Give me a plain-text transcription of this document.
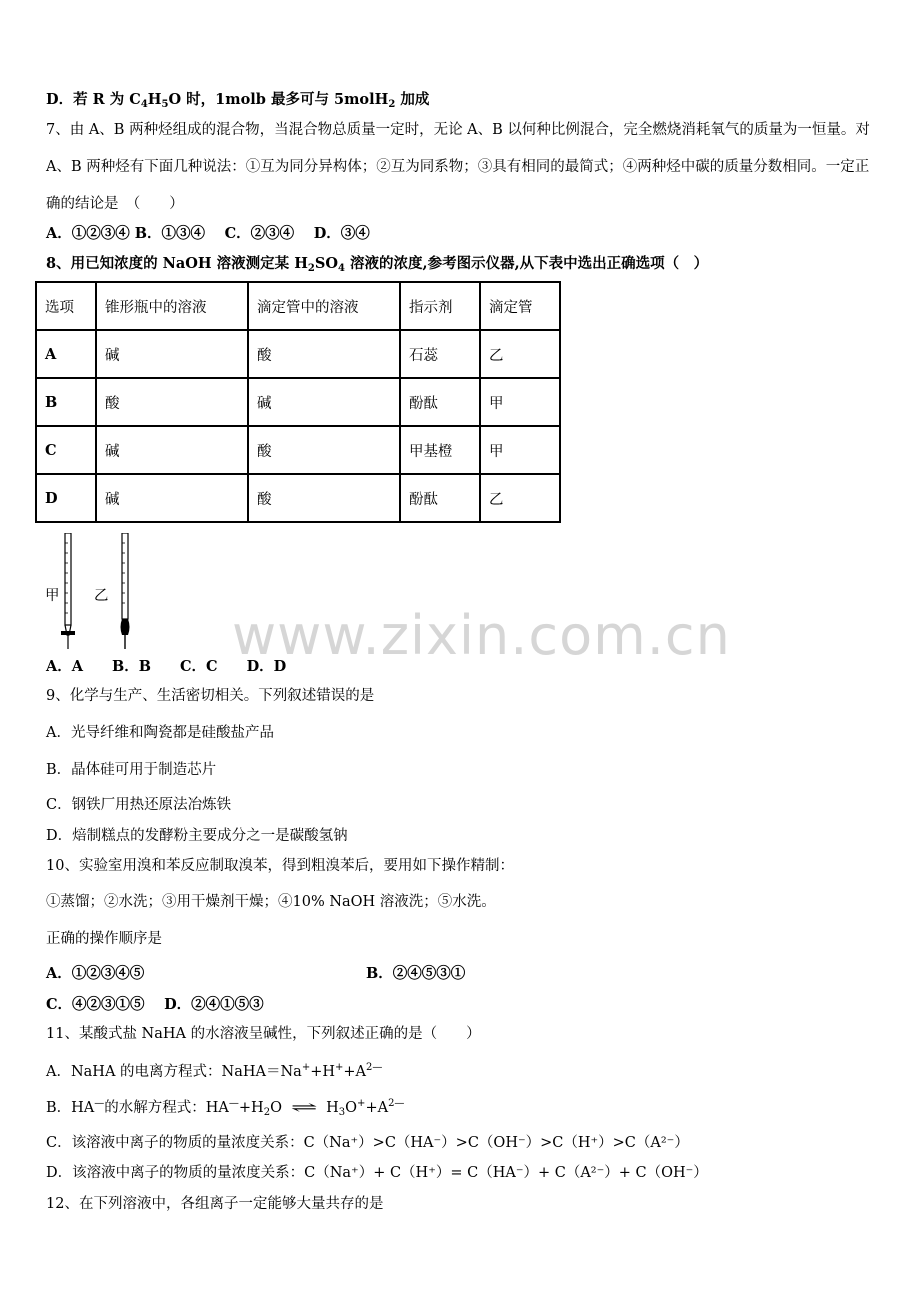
D．若 R 为 $C_4H_5O$ 时，1molb 最多可与 5molH$_2$ 加成
7、由 A、B 两种烃组成的混合物，当混合物总质量一定时，无论 A、B 以何种比例混合，完全燃烧消耗氧气的质量为一恒量。对 A、B 两种烃有下面几种说法：①互为同分异构体；②互为同系物；③具有相同的最简式；④两种烃中碳的质量分数相同。一定正确的结论是　（　　）
A．①②③④ B．①③④　 C．②③④　 D．③④
8、用已知浓度的 NaOH 溶液测定某 $H_2SO_4$ 溶液的浓度,参考图示仪器,从下表中选出正确选项（　）
选项	锥形瓶中的溶液	滴定管中的溶液	指示剂	滴定管
A	碱	酸	石蕊	乙
B	酸	碱	酚酞	甲
C	碱	酸	甲基橙	甲
D	碱	酸	酚酞	乙
甲 乙
www.zixin.com.cn
A．A　　B．B　　C．C　　D．D
9、化学与生产、生活密切相关。下列叙述错误的是
A．光导纤维和陶瓷都是硅酸盐产品
B．晶体硅可用于制造芯片
C．钢铁厂用热还原法冶炼铁
D．焙制糕点的发酵粉主要成分之一是碳酸氢钠
10、实验室用溴和苯反应制取溴苯，得到粗溴苯后，要用如下操作精制：
①蒸馏；②水洗；③用干燥剂干燥；④10% NaOH 溶液洗；⑤水洗。
正确的操作顺序是
A．①②③④⑤	B．②④⑤③①
C．④②③①⑤　 D．②④①⑤③
11、某酸式盐 NaHA 的水溶液呈碱性，下列叙述正确的是（　　）
A．NaHA 的电离方程式：$NaHA=Na^++H^++A^{2—}$
B．HA—的水解方程式：$HA^—+H_2O$ ⇌ $H_3O^++A^{2—}$
C．该溶液中离子的物质的量浓度关系：C（Na⁺）>C（HA⁻）>C（OH⁻）>C（H⁺）>C（A²⁻）
D．该溶液中离子的物质的量浓度关系：C（Na⁺）+ C（H⁺）= C（HA⁻）+ C（A²⁻）+ C（OH⁻）
12、在下列溶液中，各组离子一定能够大量共存的是
